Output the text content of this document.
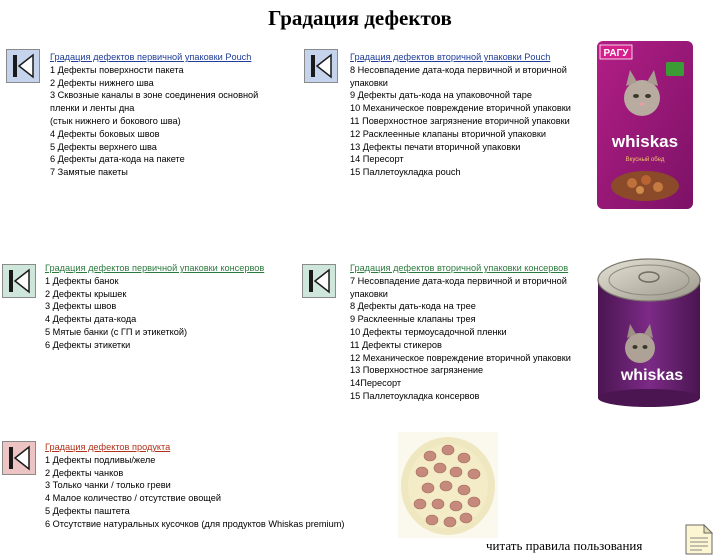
Градация дефектов
Градация дефектов первичной упаковки Pouch
1 Дефекты поверхности пакета
2 Дефекты нижнего шва
3 Сквозные каналы в зоне соединения основной
пленки и ленты дна
(стык нижнего и бокового шва)
4 Дефекты боковых швов
5 Дефекты верхнего шва
6 Дефекты дата-кода на пакете
7 Замятые пакеты
Градация дефектов вторичной упаковки Pouch
8 Несовпадение дата-кода первичной и вторичной
упаковки
9 Дефекты дать-кода на упаковочной таре
10 Механическое повреждение вторичной упаковки
11 Поверхностное загрязнение вторичной упаковки
12 Расклеенные клапаны вторичной упаковки
13 Дефекты печати вторичной упаковки
14 Пересорт
15 Паллетоукладка pouch
РАГУ
whiskas
Вкусный обед
Градация дефектов первичной упаковки консервов
1 Дефекты банок
2 Дефекты крышек
3 Дефекты швов
4 Дефекты дата-кода
5 Мятые банки (с ГП и этикеткой)
6 Дефекты этикетки
Градация дефектов вторичной упаковки консервов
7 Несовпадение дата-кода первичной и вторичной
упаковки
8 Дефекты дать-кода на трее
9 Расклеенные клапаны трея
10 Дефекты термоусадочной пленки
11 Дефекты стикеров
12 Механическое повреждение вторичной упаковки
13 Поверхностное загрязнение
14Пересорт
15 Паллетоукладка консервов
whiskas
Градация дефектов продукта
1 Дефекты подливы/желе
2 Дефекты чанков
3 Только чанки / только греви
4 Малое количество / отсутствие овощей
5 Дефекты паштета
6 Отсутствие натуральных кусочков (для продуктов Whiskas premium)
читать правила пользования
